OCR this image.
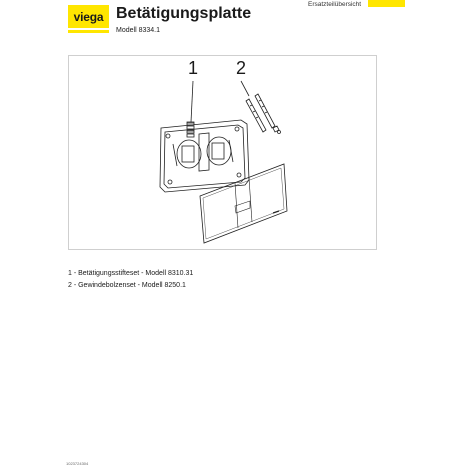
viega Betätigungsplatte
Modell 8334.1
Ersatzteilübersicht
1 2
1 - Betätigungsstifteset - Modell 8310.31
2 - Gewindebolzenset - Modell 8250.1
1023724304
